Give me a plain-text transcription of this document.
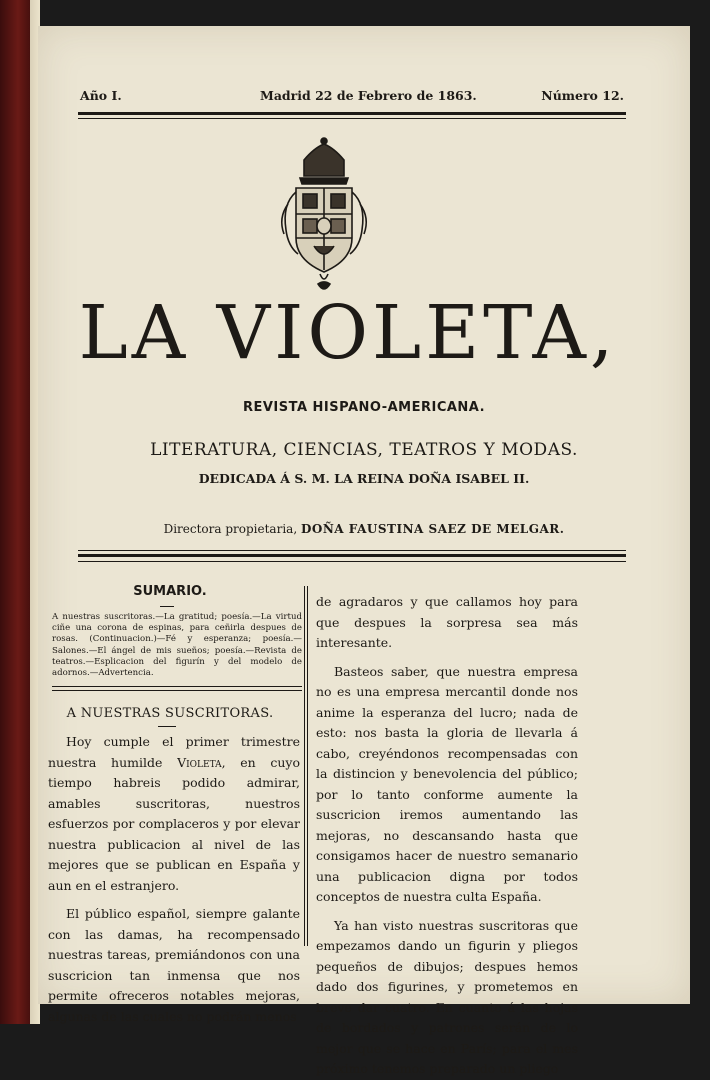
Año I.	Madrid 22 de Febrero de 1863.	Número 12.
LA VIOLETA,
REVISTA HISPANO-AMERICANA.
LITERATURA, CIENCIAS, TEATROS Y MODAS.
DEDICADA Á S. M. LA REINA DOÑA ISABEL II.
Directora propietaria, DOÑA FAUSTINA SAEZ DE MELGAR.
SUMARIO.
A nuestras suscritoras.—La gratitud; poesía.—La virtud ciñe una corona de espinas, para ceñirla despues de rosas. (Continuacion.)—Fé y esperanza; poesía.—Salones.—El ángel de mis sueños; poesía.—Revista de teatros.—Esplicacion del figurín y del modelo de adornos.—Advertencia.
A NUESTRAS SUSCRITORAS.

Hoy cumple el primer trimestre nuestra humilde Violeta, en cuyo tiempo habreis podido admirar, amables suscritoras, nuestros esfuerzos por complaceros y por elevar nuestra publicacion al nivel de las mejores que se publican en España y aun en el estranjero.

El público español, siempre galante con las damas, ha recompensado nuestras tareas, premiándonos con una suscricion tan inmensa que nos permite ofreceros notables mejoras, algunas de las cuales no podrán menos

de agradaros y que callamos hoy para que despues la sorpresa sea más interesante.

Basteos saber, que nuestra empresa no es una empresa mercantil donde nos anime la esperanza del lucro; nada de esto: nos basta la gloria de llevarla á cabo, creyéndonos recompensadas con la distincion y benevolencia del público; por lo tanto conforme aumente la suscricion iremos aumentando las mejoras, no descansando hasta que consigamos hacer de nuestro semanario una publicacion digna por todos conceptos de nuestra culta España.

Ya han visto nuestras suscritoras que empezamos dando un figurin y pliegos pequeños de dibujos; despues hemos dado dos figurines, y prometemos en breve dar cuatro. En cuanto á las hojas de bordados y patrones serán de lo mejor que se hace en París; para el mes próximo tenemos preparado un pliego
